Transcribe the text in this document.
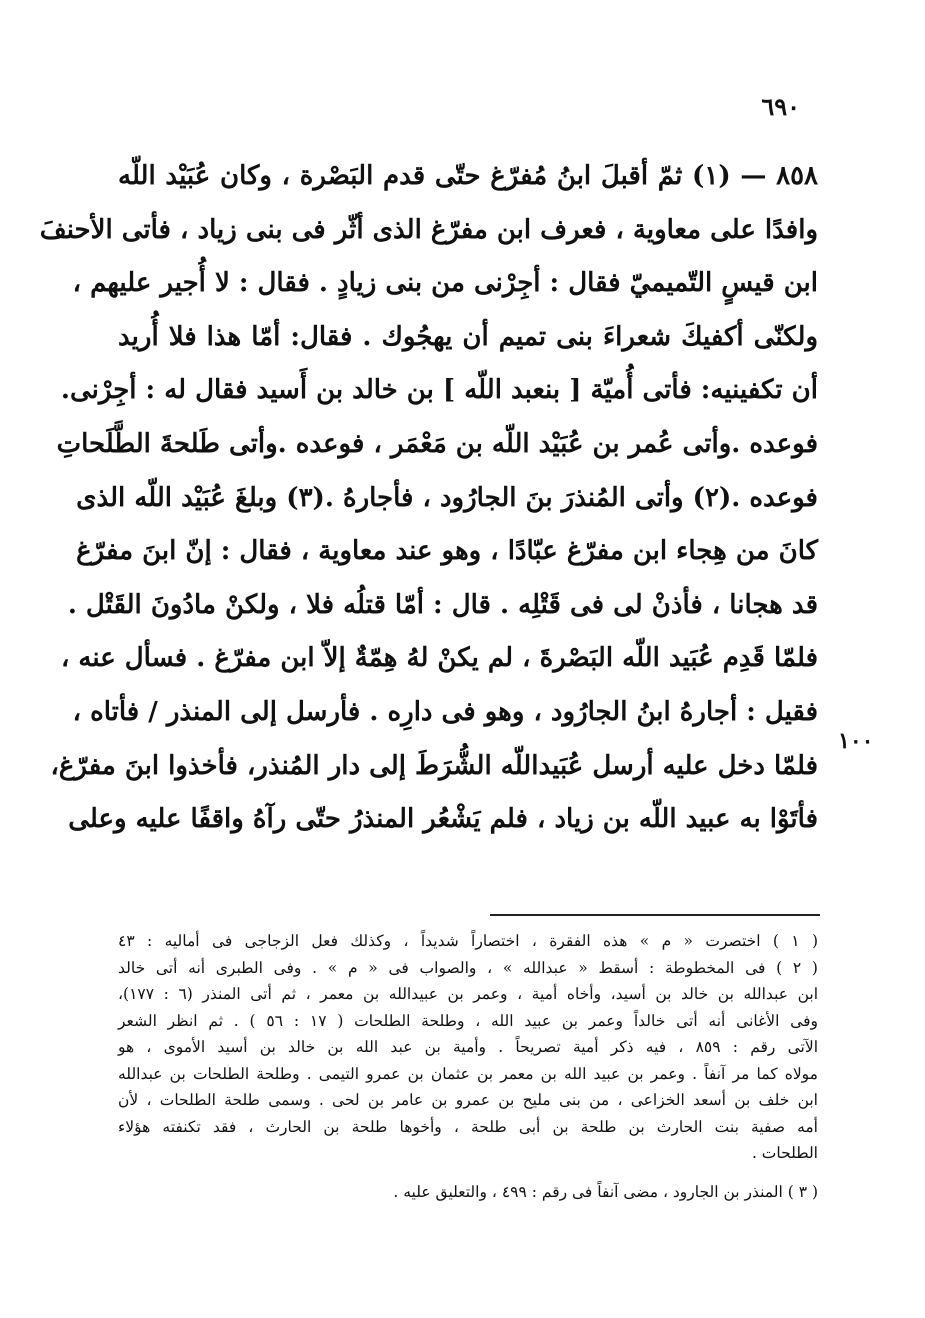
٦٩٠
٨٥٨ — (١) ثمّ أقبلَ ابنُ مُفرّغ حتّى قدم البَصْرة ، وكان عُبَيْد اللّه
وافدًا على معاوية ، فعرف ابن مفرّغ الذى أثّر فى بنى زياد ، فأتى الأحنفَ
ابن قيسٍ التّميميّ فقال : أجِرْنى من بنى زيادٍ . فقال : لا أُجير عليهم ،
ولكنّى أكفيكَ شعراءَ بنى تميم أن يهجُوك . فقال: أمّا هذا فلا أُريد
أن تكفينيه: فأتى أُميّة [ بنعبد اللّه ] بن خالد بن أَسيد فقال له : أجِرْنى.
فوعده .وأتى عُمر بن عُبَيْد اللّه بن مَعْمَر ، فوعده .وأتى طَلحةَ الطَّلَحاتِ
فوعده .(٢) وأتى المُنذرَ بنَ الجارُود ، فأجارهُ .(٣) وبلغَ عُبَيْد اللّه الذى
كانَ من هِجاء ابن مفرّغ عبّادًا ، وهو عند معاوية ، فقال : إنّ ابنَ مفرّغ
قد هجانا ، فأذنْ لى فى قَتْلِه . قال : أمّا قتلُه فلا ، ولكنْ مادُونَ القَتْل .
فلمّا قَدِم عُبَيد اللّه البَصْرةَ ، لم يكنْ لهُ هِمّةٌ إلاّ ابن مفرّغ . فسأل عنه ،
فقيل : أجارهُ ابنُ الجارُود ، وهو فى دارِه . فأرسل إلى المنذر / فأتاه ،
فلمّا دخل عليه أرسل عُبَيداللّه الشُّرَطَ إلى دار المُنذر، فأخذوا ابنَ مفرّغ،
فأتَوْا به عبيد اللّه بن زياد ، فلم يَشْعُر المنذرُ حتّى رآهُ واقفًا عليه وعلى
١٠٠
( ١ ) اختصرت « م » هذه الفقرة ، اختصاراً شديداً ، وكذلك فعل الزجاجى فى أماليه : ٤٣
( ٢ ) فى المخطوطة : أسقط « عبدالله » ، والصواب فى « م » . وفى الطبرى أنه أتى خالد
ابن عبدالله بن خالد بن أسيد، وأخاه أمية ، وعمر بن عبيدالله بن معمر ، ثم أتى المنذر (٦ : ١٧٧)،
وفى الأغانى أنه أتى خالداً وعمر بن عبيد الله ، وطلحة الطلحات ( ١٧ : ٥٦ ) . ثم انظر الشعر
الآتى رقم : ٨٥٩ ، فيه ذكر أمية تصريحاً . وأمية بن عبد الله بن خالد بن أسيد الأموى ، هو
مولاه كما مر آنفاً . وعمر بن عبيد الله بن معمر بن عثمان بن عمرو التيمى . وطلحة الطلحات بن عبدالله
ابن خلف بن أسعد الخزاعى ، من بنى مليح بن عمرو بن عامر بن لحى . وسمى طلحة الطلحات ، لأن
أمه صفية بنت الحارث بن طلحة بن أبى طلحة ، وأخوها طلحة بن الحارث ، فقد تكنفته هؤلاء
الطلحات .
( ٣ ) المنذر بن الجارود ، مضى آنفاً فى رقم : ٤٩٩ ، والتعليق عليه .
